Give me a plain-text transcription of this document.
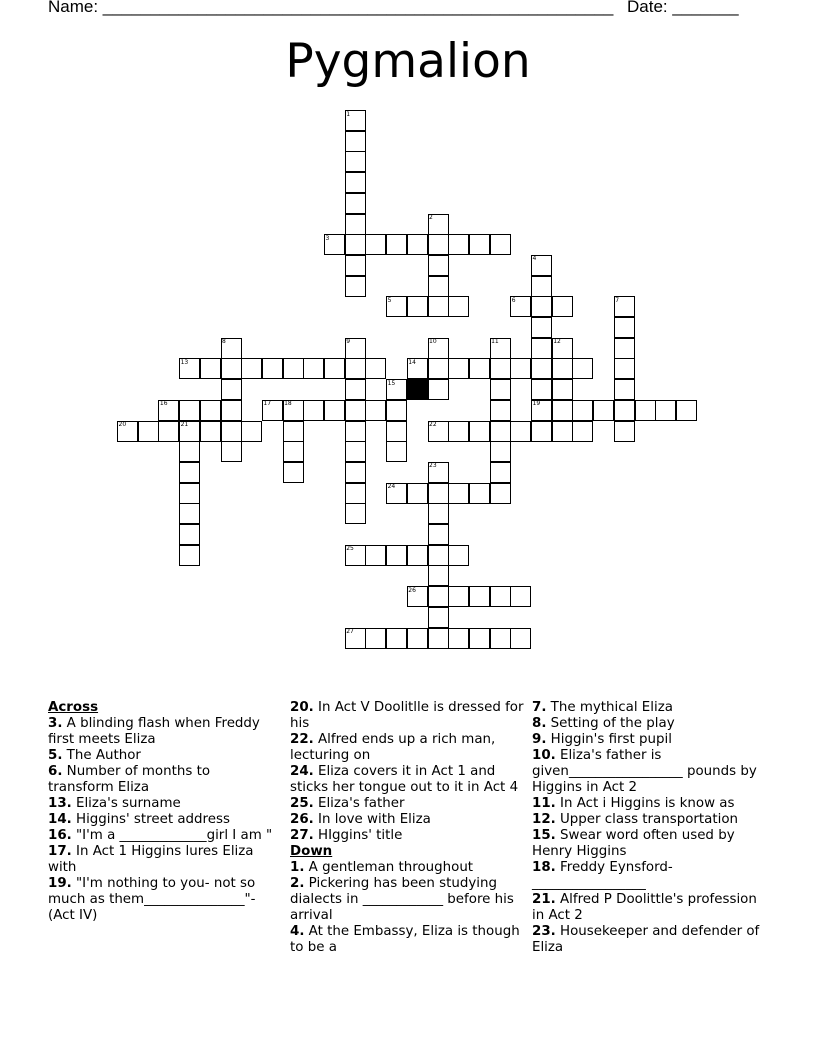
Name: ______________________________________________________ Date: _______
Pygmalion
1
2
3
4
5	6	7
8	9	10	11	12
13	14
15
16	17 18	19
20	21	22
23
24
25
26
27
Across
3. A blinding flash when Freddy first meets Eliza
5. The Author
6. Number of months to transform Eliza
13. Eliza's surname
14. Higgins' street address
16. "I'm a _____________girl I am "
17. In Act 1 Higgins lures Eliza with
19. "I'm nothing to you- not so much as them_______________"- (Act IV)
20. In Act V Doolitlle is dressed for his
22. Alfred ends up a rich man, lecturing on
24. Eliza covers it in Act 1 and sticks her tongue out to it in Act 4
25. Eliza's father
26. In love with Eliza
27. HIggins' title
Down
1. A gentleman throughout
2. Pickering has been studying dialects in ____________ before his arrival
4. At the Embassy, Eliza is though to be a
7. The mythical Eliza
8. Setting of the play
9. Higgin's first pupil
10. Eliza's father is given_________________ pounds by Higgins in Act 2
11. In Act i Higgins is know as
12. Upper class transportation
15. Swear word often used by Henry Higgins
18. Freddy Eynsford-_________________
21. Alfred P Doolittle's profession in Act 2
23. Housekeeper and defender of Eliza
